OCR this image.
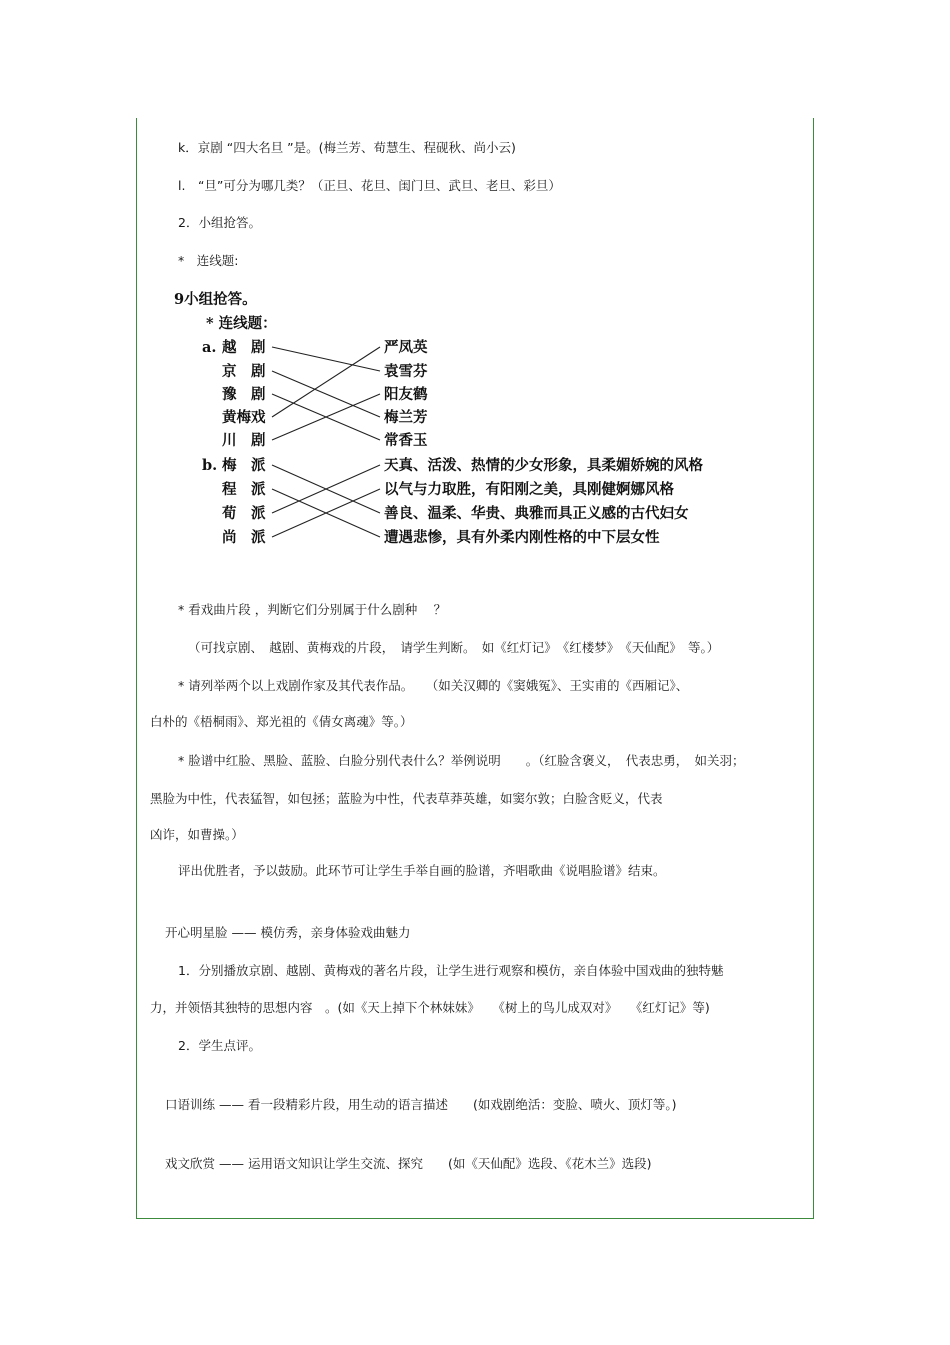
k．京剧 “四大名旦 ”是。(梅兰芳、荀慧生、程砚秋、尚小云)
l.　“旦”可分为哪几类？（正旦、花旦、闺门旦、武旦、老旦、彩旦）
2．小组抢答。
*　连线题:
9小组抢答。
* 连线题：
a. 越　剧
京　剧
豫　剧
黄梅戏
川　剧
严凤英
袁雪芬
阳友鹤
梅兰芳
常香玉
b. 梅　派
程　派
荀　派
尚　派
天真、活泼、热情的少女形象，具柔媚娇婉的风格
以气与力取胜，有阳刚之美，具刚健婀娜风格
善良、温柔、华贵、典雅而具正义感的古代妇女
遭遇悲惨，具有外柔内刚性格的中下层女性
* 看戏曲片段 ，判断它们分别属于什么剧种 　？
（可找京剧、　越剧、黄梅戏的片段，　请学生判断。　如《红灯记》　《红楼梦》　《天仙配》　等。）
* 请列举两个以上戏剧作家及其代表作品。　　（如关汉卿的《窦娥冤》、王实甫的《西厢记》、
白朴的《梧桐雨》、郑光祖的《倩女离魂》等。）
* 脸谱中红脸、黑脸、蓝脸、白脸分别代表什么？举例说明　　。（红脸含褒义，　代表忠勇，　如关羽；
黑脸为中性，代表猛智，如包拯；蓝脸为中性，代表草莽英雄，如窦尔敦；白脸含贬义，代表
凶诈，如曹操。）
评出优胜者，予以鼓励。此环节可让学生手举自画的脸谱，齐唱歌曲《说唱脸谱》结束。
开心明星脸 —— 模仿秀，亲身体验戏曲魅力
1．分别播放京剧、越剧、黄梅戏的著名片段，让学生进行观察和模仿，亲自体验中国戏曲的独特魅
力，并领悟其独特的思想内容　。(如《天上掉下个林妹妹》　　《树上的鸟儿成双对》　　《红灯记》等)
2．学生点评。
口语训练 —— 看一段精彩片段，用生动的语言描述　　(如戏剧绝活：变脸、喷火、顶灯等。)
戏文欣赏 —— 运用语文知识让学生交流、探究　　(如《天仙配》选段、《花木兰》选段)
